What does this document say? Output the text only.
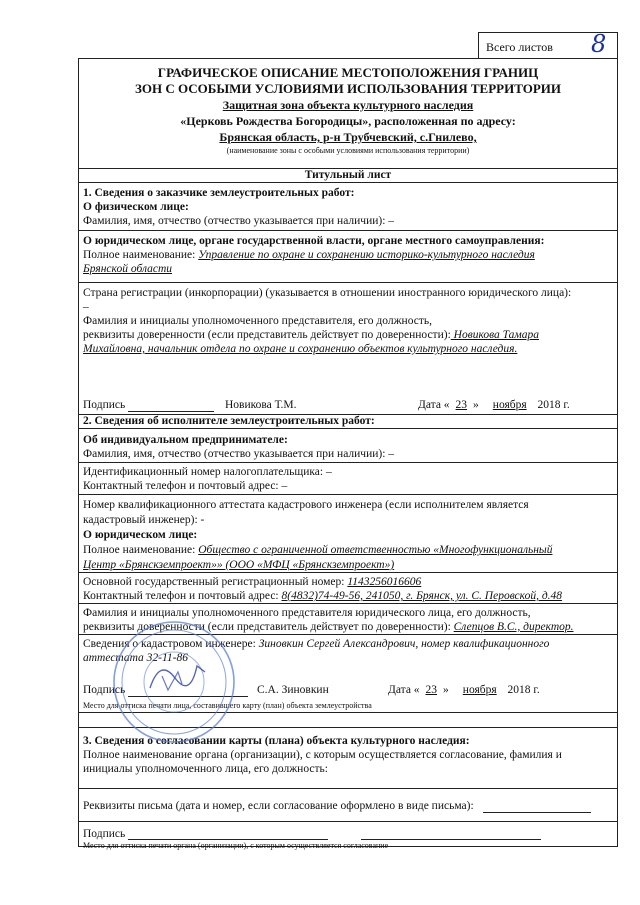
Всего листов 8
ГРАФИЧЕСКОЕ ОПИСАНИЕ МЕСТОПОЛОЖЕНИЯ ГРАНИЦ
ЗОН С ОСОБЫМИ УСЛОВИЯМИ ИСПОЛЬЗОВАНИЯ ТЕРРИТОРИИ
Защитная зона объекта культурного наследия
«Церковь Рождества Богородицы», расположенная по адресу:
Брянская область, р-н Трубчевский, с.Гнилево,
(наименование зоны с особыми условиями использования территории)
Титульный лист
1. Сведения о заказчике землеустроительных работ:
О физическом лице:
Фамилия, имя, отчество (отчество указывается при наличии): –
О юридическом лице, органе государственной власти, органе местного самоуправления:
Полное наименование: Управление по охране и сохранению историко-культурного наследия
Брянской области
Страна регистрации (инкорпорации) (указывается в отношении иностранного юридического лица):
–
Фамилия и инициалы уполномоченного представителя, его должность,
реквизиты доверенности (если представитель действует по доверенности): Новикова Тамара
Михайловна, начальник отдела по охране и сохранению объектов культурного наследия.
Подпись	Новикова Т.М.	Дата « 23 » ноября 2018 г.
2. Сведения об исполнителе землеустроительных работ:
Об индивидуальном предпринимателе:
Фамилия, имя, отчество (отчество указывается при наличии): –
Идентификационный номер налогоплательщика: –
Контактный телефон и почтовый адрес: –
Номер квалификационного аттестата кадастрового инженера (если исполнителем является
кадастровый инженер): -
О юридическом лице:
Полное наименование: Общество с ограниченной ответственностью «Многофункциональный
Центр «Брянскземпроект»» (ООО «МФЦ «Брянскземпроект»)
Основной государственный регистрационный номер: 1143256016606
Контактный телефон и почтовый адрес: 8(4832)74-49-56, 241050, г. Брянск, ул. С. Перовской, д.48
Фамилия и инициалы уполномоченного представителя юридического лица, его должность,
реквизиты доверенности (если представитель действует по доверенности): Слепцов В.С., директор.
Сведения о кадастровом инженере: Зиновкин Сергей Александрович, номер квалификационного
аттестата 32-11-86
Подпись	С.А. Зиновкин	Дата « 23 » ноября 2018 г.
Место для оттиска печати лица, составившего карту (план) объекта землеустройства
3. Сведения о согласовании карты (плана) объекта культурного наследия:
Полное наименование органа (организации), с которым осуществляется согласование, фамилия и
инициалы уполномоченного лица, его должность:
Реквизиты письма (дата и номер, если согласование оформлено в виде письма):
Подпись
Место для оттиска печати органа (организации), с которым осуществляется согласование
